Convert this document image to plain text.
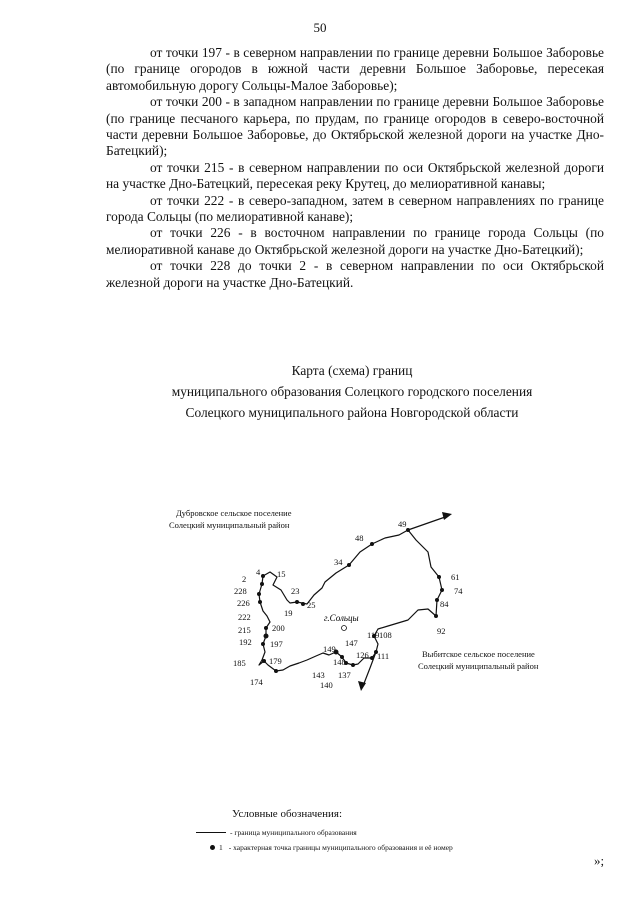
50

от точки 197 - в северном направлении по границе деревни Большое Заборовье (по границе огородов в южной части деревни Большое Заборовье, пересекая автомобильную дорогу Сольцы-Малое Заборовье);

от точки 200 - в западном направлении по границе деревни Большое Заборовье (по границе песчаного карьера, по прудам, по границе огородов в северо-восточной части деревни Большое Заборовье, до Октябрьской железной дороги на участке Дно-Батецкий);

от точки 215 - в северном направлении по оси Октябрьской железной дороги на участке Дно-Батецкий, пересекая реку Крутец, до мелиоративной канавы;

от точки 222 - в северо-западном, затем в северном направлениях по границе города Сольцы (по мелиоративной канаве);

от точки 226 - в восточном направлении по границе города Сольцы (по мелиоративной канаве до Октябрьской железной дороги на участке Дно-Батецкий);

от точки 228 до точки 2 - в северном направлении по оси Октябрьской железной дороги на участке Дно-Батецкий.

Карта (схема) границ
муниципального образования Солецкого городского поселения
Солецкого муниципального района Новгородской области
Дубровское сельское поселение
Солецкий муниципальный район
Выбитское сельское поселение
Солецкий муниципальный район
г.Сольцы
2
4 15
228
226
23
25
19
34
48
49
61
74
84
92
222
215	200
192 197	149
147
119 108
126 111
185	179	148
143 137
140
174
Условные обозначения:
- граница муниципального образования
1 - характерная точка границы муниципального образования и её номер
»;
